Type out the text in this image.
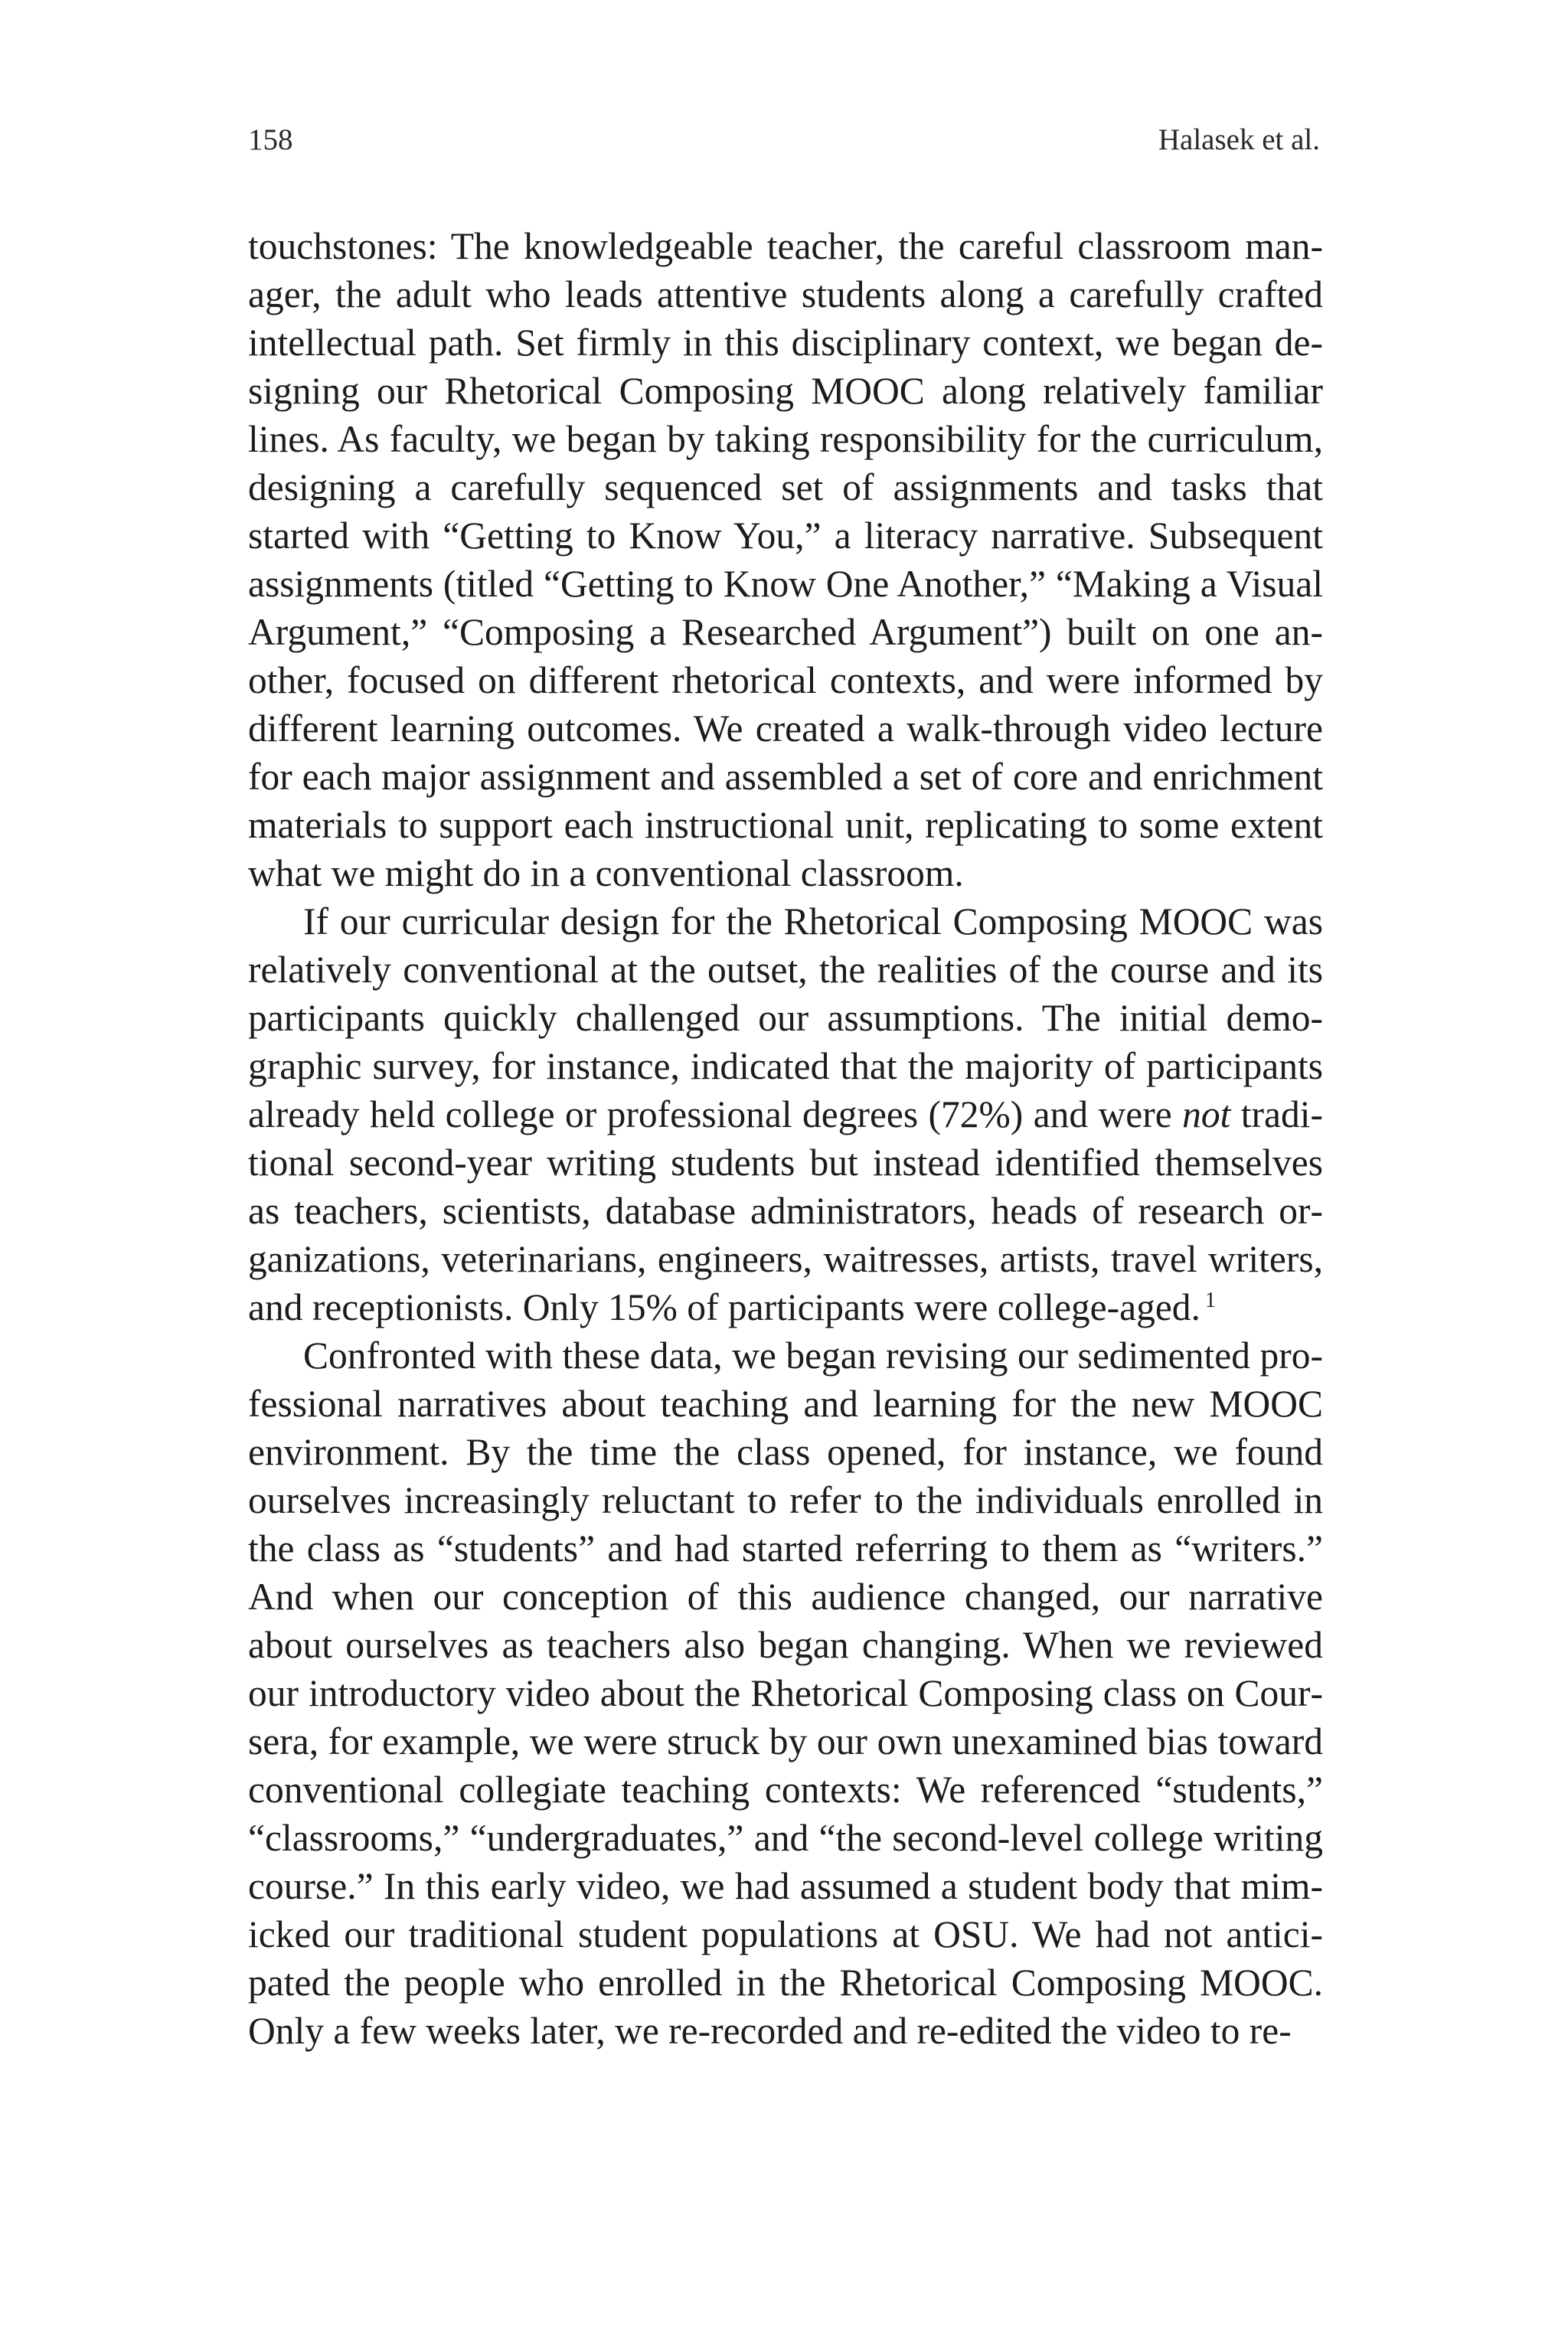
158	Halasek et al.

touchstones: The knowledgeable teacher, the careful classroom manager, the adult who leads attentive students along a carefully crafted intellectual path. Set firmly in this disciplinary context, we began designing our Rhetorical Composing MOOC along relatively familiar lines. As faculty, we began by taking responsibility for the curriculum, designing a carefully sequenced set of assignments and tasks that started with “Getting to Know You,” a literacy narrative. Subsequent assignments (titled “Getting to Know One Another,” “Making a Visual Argument,” “Composing a Researched Argument”) built on one another, focused on different rhetorical contexts, and were informed by different learning outcomes. We created a walk-through video lecture for each major assignment and assembled a set of core and enrichment materials to support each instructional unit, replicating to some extent what we might do in a conventional classroom.

If our curricular design for the Rhetorical Composing MOOC was relatively conventional at the outset, the realities of the course and its participants quickly challenged our assumptions. The initial demographic survey, for instance, indicated that the majority of participants already held college or professional degrees (72%) and were not traditional second-year writing students but instead identified themselves as teachers, scientists, database administrators, heads of research organizations, veterinarians, engineers, waitresses, artists, travel writers, and receptionists. Only 15% of participants were college-aged. $^1$

Confronted with these data, we began revising our sedimented professional narratives about teaching and learning for the new MOOC environment. By the time the class opened, for instance, we found ourselves increasingly reluctant to refer to the individuals enrolled in the class as “students” and had started referring to them as “writers.” And when our conception of this audience changed, our narrative about ourselves as teachers also began changing. When we reviewed our introductory video about the Rhetorical Composing class on Coursera, for example, we were struck by our own unexamined bias toward conventional collegiate teaching contexts: We referenced “students,” “classrooms,” “undergraduates,” and “the second-level college writing course.” In this early video, we had assumed a student body that mimicked our traditional student populations at OSU. We had not anticipated the people who enrolled in the Rhetorical Composing MOOC. Only a few weeks later, we re-recorded and re-edited the video to re-
